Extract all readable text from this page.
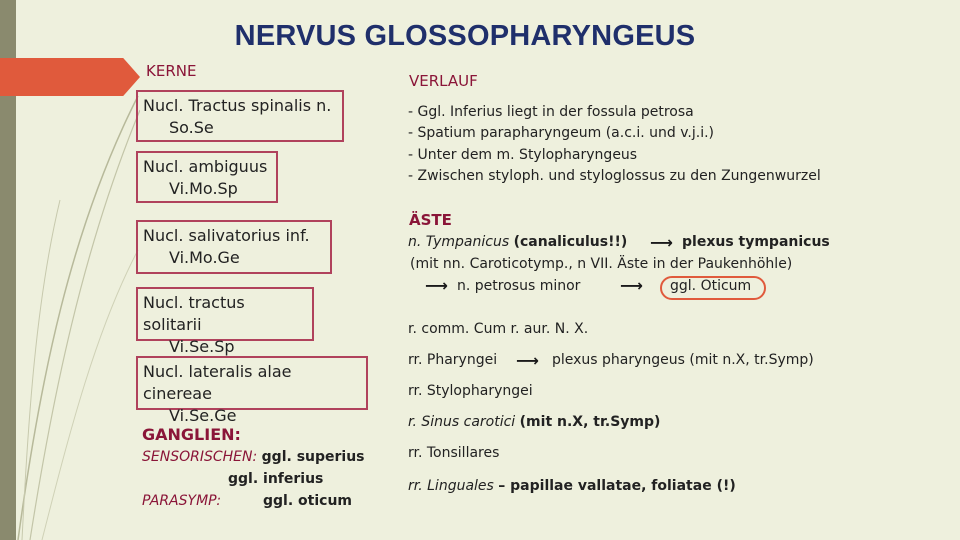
NERVUS GLOSSOPHARYNGEUS
KERNE
Nucl. Tractus spinalis n.
So.Se
Nucl. ambiguus
Vi.Mo.Sp
Nucl. salivatorius inf.
Vi.Mo.Ge
Nucl. tractus solitarii
Vi.Se.Sp
Nucl. lateralis alae cinereae
Vi.Se.Ge
GANGLIEN:
SENSORISCHEN: ggl. superius
ggl. inferius
PARASYMP:	ggl. oticum
VERLAUF
- Ggl. Inferius liegt in der fossula petrosa
- Spatium parapharyngeum (a.c.i. und v.j.i.)
- Unter dem m. Stylopharyngeus
- Zwischen styloph. und styloglossus zu den Zungenwurzel
ÄSTE
n. Tympanicus (canaliculus!!) ⟶ plexus tympanicus
(mit nn. Caroticotymp., n VII. Äste in der Paukenhöhle)
⟶ n. petrosus minor ⟶ ggl. Oticum
r. comm. Cum r. aur. N. X.
rr. Pharyngei ⟶ plexus pharyngeus (mit n.X, tr.Symp)
rr. Stylopharyngei
r. Sinus carotici (mit n.X, tr.Symp)
rr. Tonsillares
rr. Linguales – papillae vallatae, foliatae (!)
